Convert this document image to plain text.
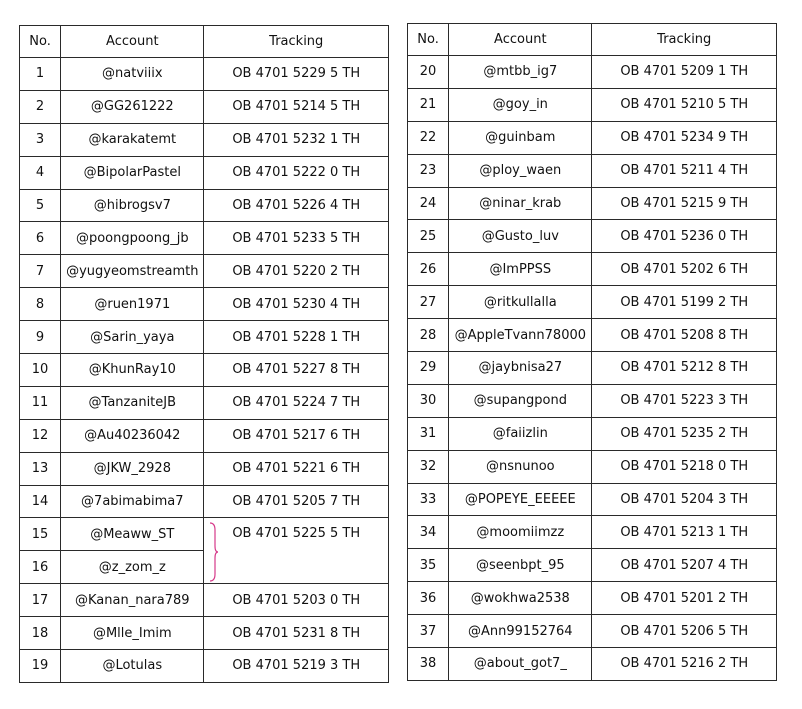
No.	Account	Tracking
1	@natviiix	OB 4701 5229 5 TH
2	@GG261222	OB 4701 5214 5 TH
3	@karakatemt	OB 4701 5232 1 TH
4	@BipolarPastel	OB 4701 5222 0 TH
5	@hibrogsv7	OB 4701 5226 4 TH
6	@poongpoong_jb	OB 4701 5233 5 TH
7	@yugyeomstreamth	OB 4701 5220 2 TH
8	@ruen1971	OB 4701 5230 4 TH
9	@Sarin_yaya	OB 4701 5228 1 TH
10	@KhunRay10	OB 4701 5227 8 TH
11	@TanzaniteJB	OB 4701 5224 7 TH
12	@Au40236042	OB 4701 5217 6 TH
13	@JKW_2928	OB 4701 5221 6 TH
14	@7abimabima7	OB 4701 5205 7 TH
15	@Meaww_ST	OB 4701 5225 5 TH

16	@z_zom_z	
17	@Kanan_nara789	OB 4701 5203 0 TH
18	@Mlle_Imim	OB 4701 5231 8 TH
19	@Lotulas	OB 4701 5219 3 TH
No.	Account	Tracking
20	@mtbb_ig7	OB 4701 5209 1 TH
21	@goy_in	OB 4701 5210 5 TH
22	@guinbam	OB 4701 5234 9 TH
23	@ploy_waen	OB 4701 5211 4 TH
24	@ninar_krab	OB 4701 5215 9 TH
25	@Gusto_luv	OB 4701 5236 0 TH
26	@ImPPSS	OB 4701 5202 6 TH
27	@ritkullalla	OB 4701 5199 2 TH
28	@AppleTvann78000	OB 4701 5208 8 TH
29	@jaybnisa27	OB 4701 5212 8 TH
30	@supangpond	OB 4701 5223 3 TH
31	@faiizlin	OB 4701 5235 2 TH
32	@nsnunoo	OB 4701 5218 0 TH
33	@POPEYE_EEEEE	OB 4701 5204 3 TH
34	@moomiimzz	OB 4701 5213 1 TH
35	@seenbpt_95	OB 4701 5207 4 TH
36	@wokhwa2538	OB 4701 5201 2 TH
37	@Ann99152764	OB 4701 5206 5 TH
38	@about_got7_	OB 4701 5216 2 TH
